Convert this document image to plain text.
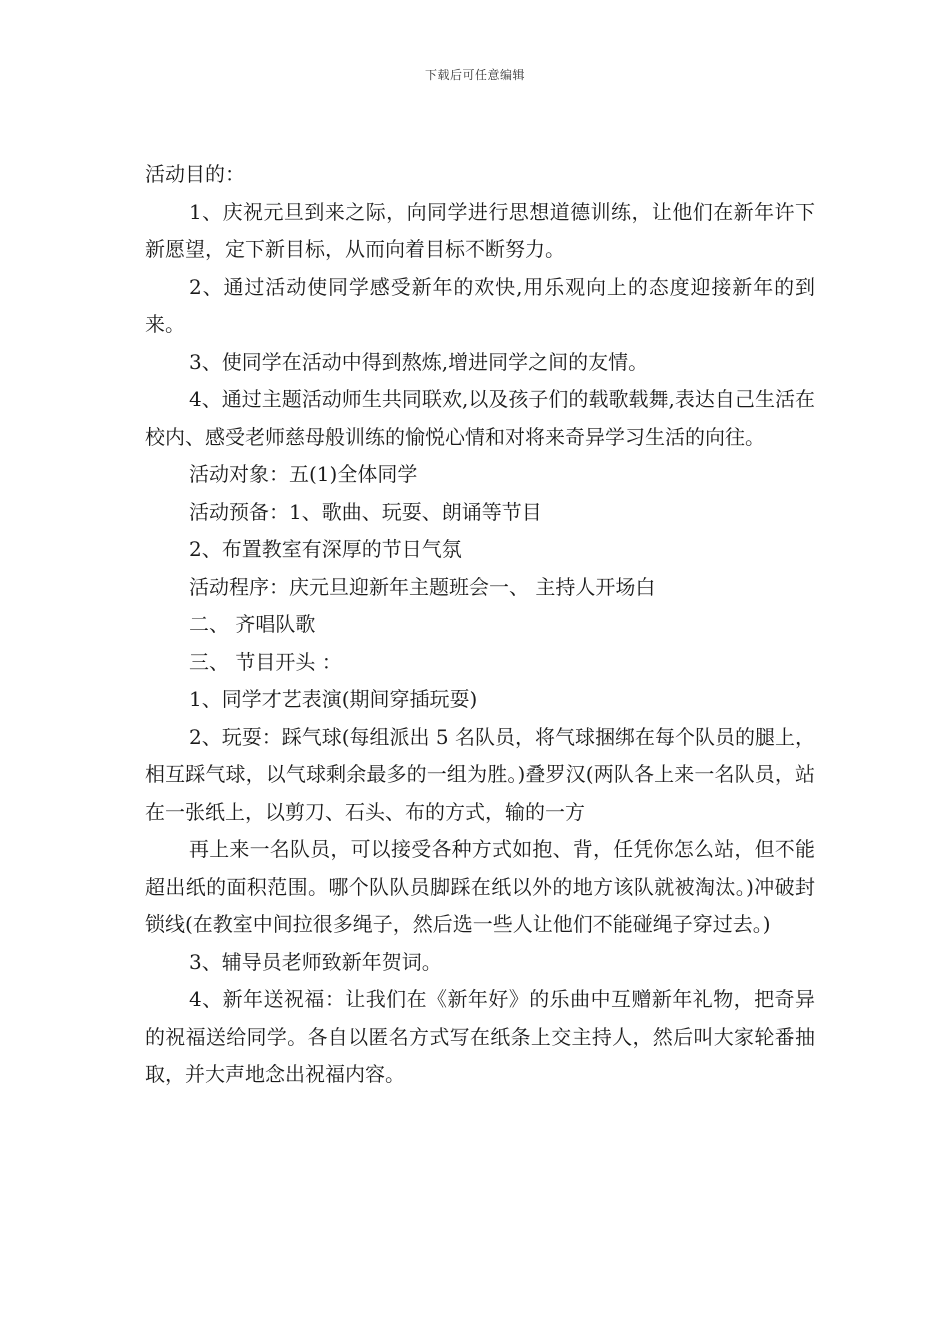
下载后可任意编辑

活动目的：

1、庆祝元旦到来之际，向同学进行思想道德训练，让他们在新年许下新愿望，定下新目标，从而向着目标不断努力。

2、通过活动使同学感受新年的欢快,用乐观向上的态度迎接新年的到来。

3、使同学在活动中得到熬炼,增进同学之间的友情。

4、通过主题活动师生共同联欢,以及孩子们的载歌载舞,表达自己生活在校内、感受老师慈母般训练的愉悦心情和对将来奇异学习生活的向往。

活动对象：五(1)全体同学

活动预备：1、歌曲、玩耍、朗诵等节目

2、布置教室有深厚的节日气氛

活动程序：庆元旦迎新年主题班会一、 主持人开场白

二、 齐唱队歌

三、 节目开头 ：

1、同学才艺表演(期间穿插玩耍)

2、玩耍：踩气球(每组派出 5 名队员，将气球捆绑在每个队员的腿上，相互踩气球，以气球剩余最多的一组为胜。)叠罗汉(两队各上来一名队员，站在一张纸上，以剪刀、石头、布的方式，输的一方

再上来一名队员，可以接受各种方式如抱、背，任凭你怎么站，但不能超出纸的面积范围。哪个队队员脚踩在纸以外的地方该队就被淘汰。)冲破封锁线(在教室中间拉很多绳子，然后选一些人让他们不能碰绳子穿过去。)

3、辅导员老师致新年贺词。

4、新年送祝福：让我们在《新年好》的乐曲中互赠新年礼物，把奇异的祝福送给同学。各自以匿名方式写在纸条上交主持人，然后叫大家轮番抽取，并大声地念出祝福内容。
